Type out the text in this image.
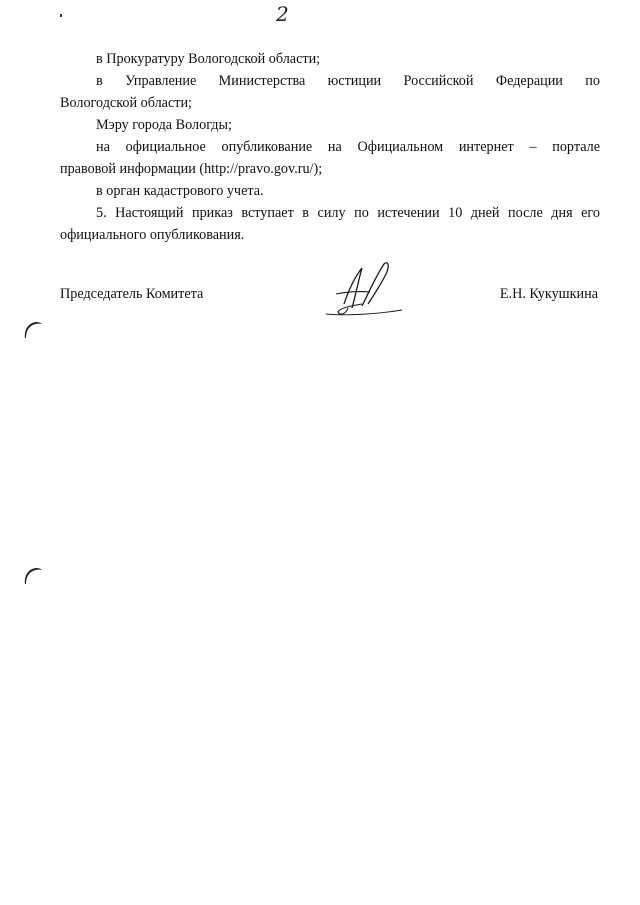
2

в Прокуратуру Вологодской области;

в Управление Министерства юстиции Российской Федерации по

Вологодской области;

Мэру города Вологды;

на официальное опубликование на Официальном интернет – портале

правовой информации (http://pravo.gov.ru/);

в орган кадастрового учета.

5. Настоящий приказ вступает в силу по истечении 10 дней после дня его

официального опубликования.

Председатель Комитета	Е.Н. Кукушкина
